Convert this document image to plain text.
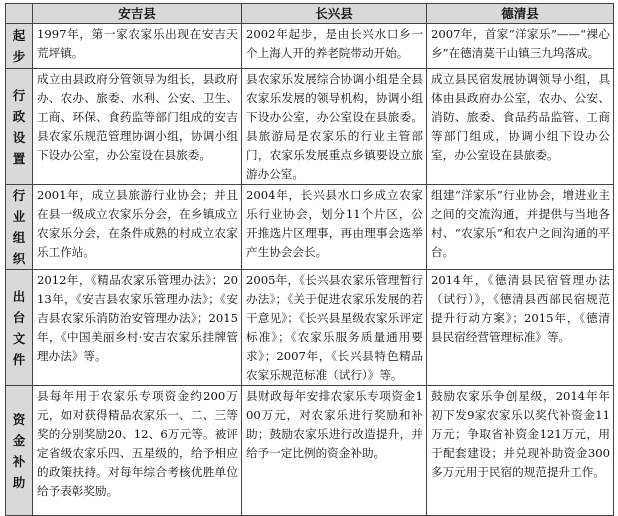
	安吉县	长兴县	德清县

起步	1997年，第一家农家乐出现在安吉天荒坪镇。	2002年起步，是由长兴水口乡一个上海人开的养老院带动开始。	2007年，首家“洋家乐”——“裸心乡”在德清莫干山镇三九坞落成。

行政设置	成立由县政府分管领导为组长，县政府办、农办、旅委、水利、公安、卫生、工商、环保、食药监等部门组成的安吉县农家乐规范管理协调小组，协调小组下设办公室，办公室设在县旅委。	县农家乐发展综合协调小组是全县农家乐发展的领导机构，协调小组下设办公室，办公室设在县旅委。县旅游局是农家乐的行业主管部门，农家乐发展重点乡镇要设立旅游办公室。	成立县民宿发展协调领导小组，具体由县政府办公室，农办、公安、消防、旅委、食品药品监管、工商等部门组成，协调小组下设办公室，办公室设在县旅委。

行业组织	2001年，成立县旅游行业协会；并且在县一级成立农家乐分会，在乡镇成立农家乐分会，在条件成熟的村成立农家乐工作站。	2004年，长兴县水口乡成立农家乐行业协会，划分11个片区，公开推选片区理事，再由理事会选举产生协会会长。	组建“洋家乐”行业协会，增进业主之间的交流沟通，并提供与当地各村、“农家乐”和农户之间沟通的平台。

出台文件	2012年，《精品农家乐管理办法》；2013年，《安吉县农家乐管理办法》；《安吉县农家乐消防治安管理办法》；2015年，《中国美丽乡村·安吉农家乐挂牌管理办法》等。	2005年，《长兴县农家乐管理暂行办法》；《关于促进农家乐发展的若干意见》；《长兴县星级农家乐评定标准》；《农家乐服务质量通用要求》；2007年，《长兴县特色精品农家乐规范标准（试行）》等。	2014年，《德清县民宿管理办法（试行）》，《德清县西部民宿规范提升行动方案》；2015年，《德清县民宿经营管理标准》等。

资金补助	县每年用于农家乐专项资金约200万元，如对获得精品农家乐一、二、三等奖的分别奖励20、12、6万元等。被评定省级农家乐四、五星级的，给予相应的政策扶持。对每年综合考核优胜单位给予表彰奖励。	县财政每年安排农家乐专项资金100万元，对农家乐进行奖励和补助；鼓励农家乐进行改造提升，并给予一定比例的资金补助。	鼓励农家乐争创星级，2014年年初下发9家农家乐以奖代补资金11万元；争取省补资金121万元，用于配套建设；并兑现补助资金300多万元用于民宿的规范提升工作。
